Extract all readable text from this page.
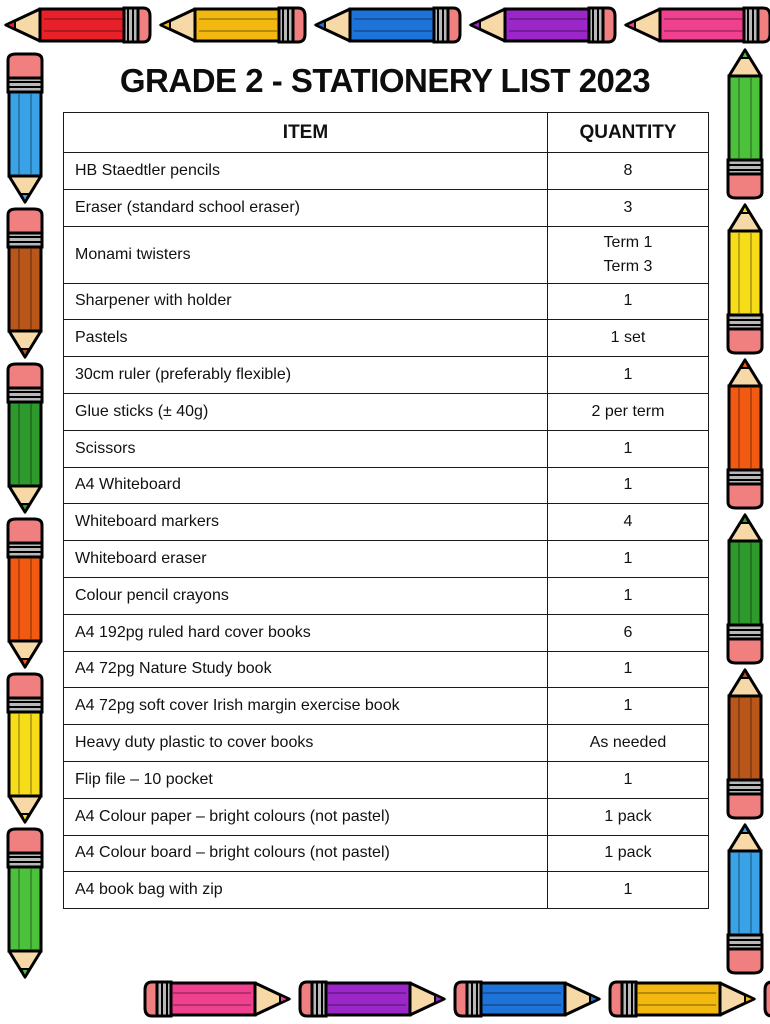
GRADE 2 - STATIONERY LIST 2023
ITEM	QUANTITY
HB Staedtler pencils	8
Eraser (standard school eraser)	3
Monami twisters	Term 1
Term 3

Sharpener with holder	1
Pastels	1 set
30cm ruler (preferably flexible)	1
Glue sticks (± 40g)	2 per term
Scissors	1
A4 Whiteboard	1
Whiteboard markers	4
Whiteboard eraser	1
Colour pencil crayons	1
A4 192pg ruled hard cover books	6
A4 72pg Nature Study book	1
A4 72pg soft cover Irish margin exercise book	1
Heavy duty plastic to cover books	As needed
Flip file – 10 pocket	1
A4 Colour paper – bright colours (not pastel)	1 pack
A4 Colour board – bright colours (not pastel)	1 pack
A4 book bag with zip	1
